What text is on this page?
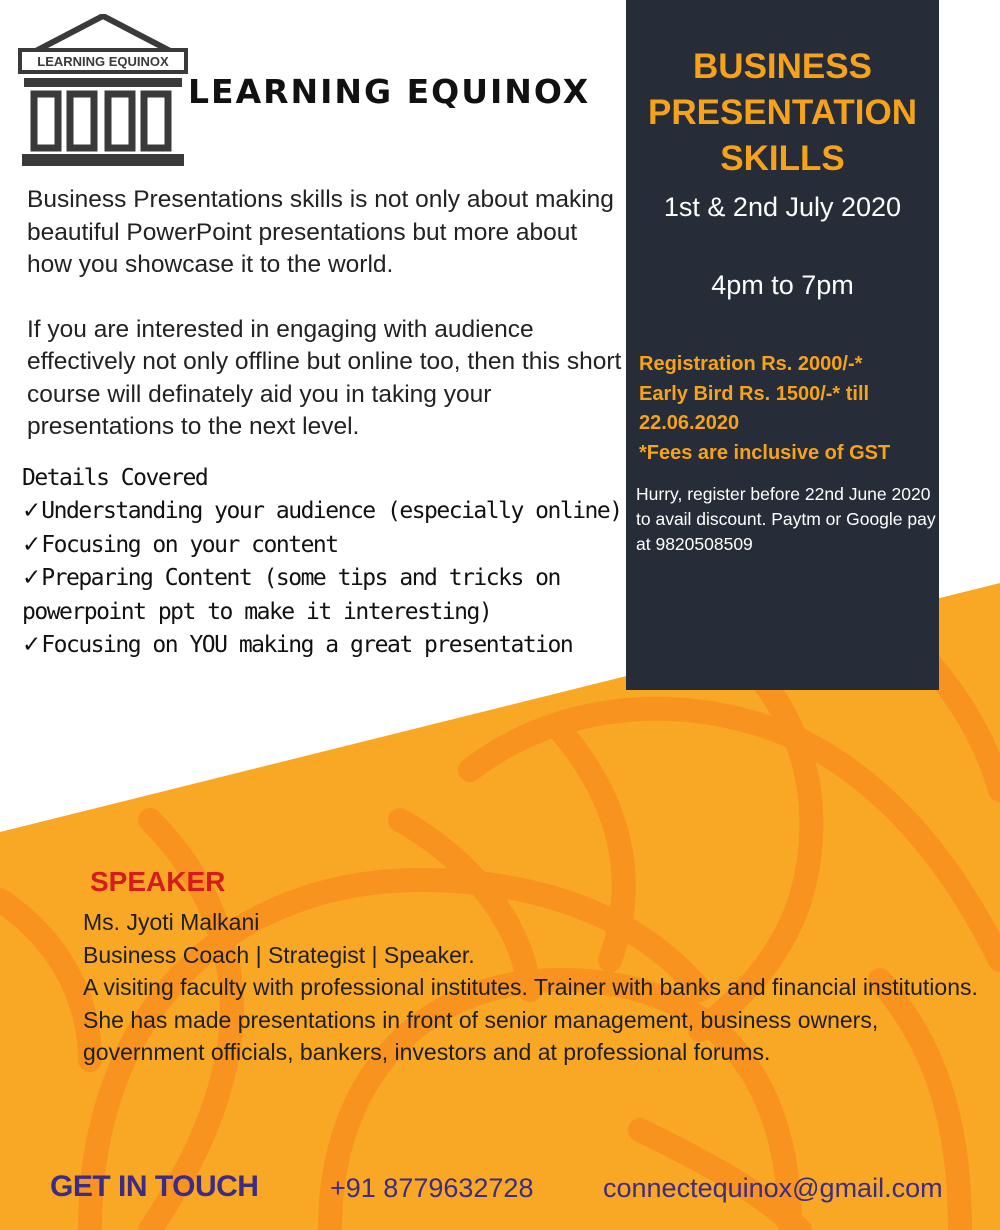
LEARNING EQUINOX
LEARNING EQUINOX

Business Presentations skills is not only about making beautiful PowerPoint presentations but more about how you showcase it to the world.

If you are interested in engaging with audience effectively not only offline but online too, then this short course will definately aid you in taking your presentations to the next level.

Details Covered
✓Understanding your audience (especially online)
✓Focusing on your content
✓Preparing Content (some tips and tricks on powerpoint ppt to make it interesting)
✓Focusing on YOU making a great presentation
BUSINESS
PRESENTATION
SKILLS
1st & 2nd July 2020
4pm to 7pm
Registration Rs. 2000/-*
Early Bird Rs. 1500/-* till 22.06.2020
*Fees are inclusive of GST
Hurry, register before 22nd June 2020 to avail discount. Paytm or Google pay at 9820508509
SPEAKER
Ms. Jyoti Malkani
Business Coach | Strategist | Speaker.
A visiting faculty with professional institutes. Trainer with banks and financial institutions.
She has made presentations in front of senior management, business owners, government officials, bankers, investors and at professional forums.
GET IN TOUCH	+91 8779632728	connectequinox@gmail.com
